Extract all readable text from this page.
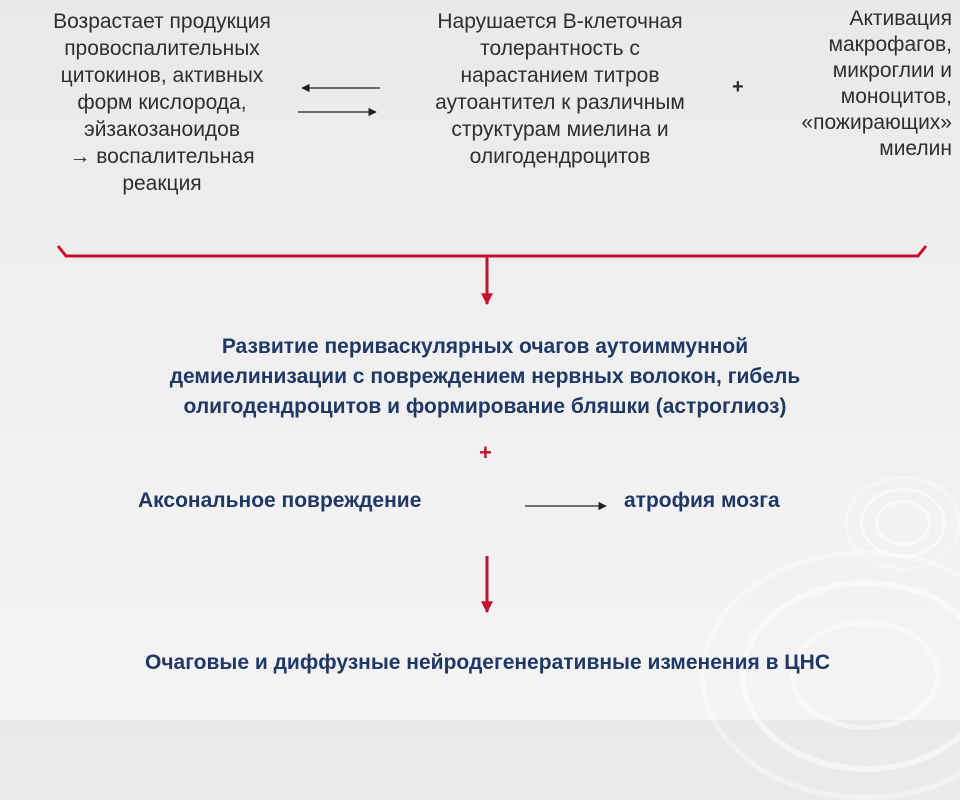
Возрастает продукция
провоспалительных
цитокинов, активных
форм кислорода,
эйзакозаноидов
→ воспалительная
реакция
Нарушается В-клеточная
толерантность с
нарастанием титров
аутоантител к различным
структурам миелина и
олигодендроцитов
Активация
макрофагов,
микроглии и
моноцитов,
«пожирающих»
миелин
+
Развитие периваскулярных очагов аутоиммунной
демиелинизации с повреждением нервных волокон, гибель
олигодендроцитов и формирование бляшки (астроглиоз)
+
Аксональное повреждение	атрофия мозга
Очаговые и диффузные нейродегенеративные изменения в ЦНС
